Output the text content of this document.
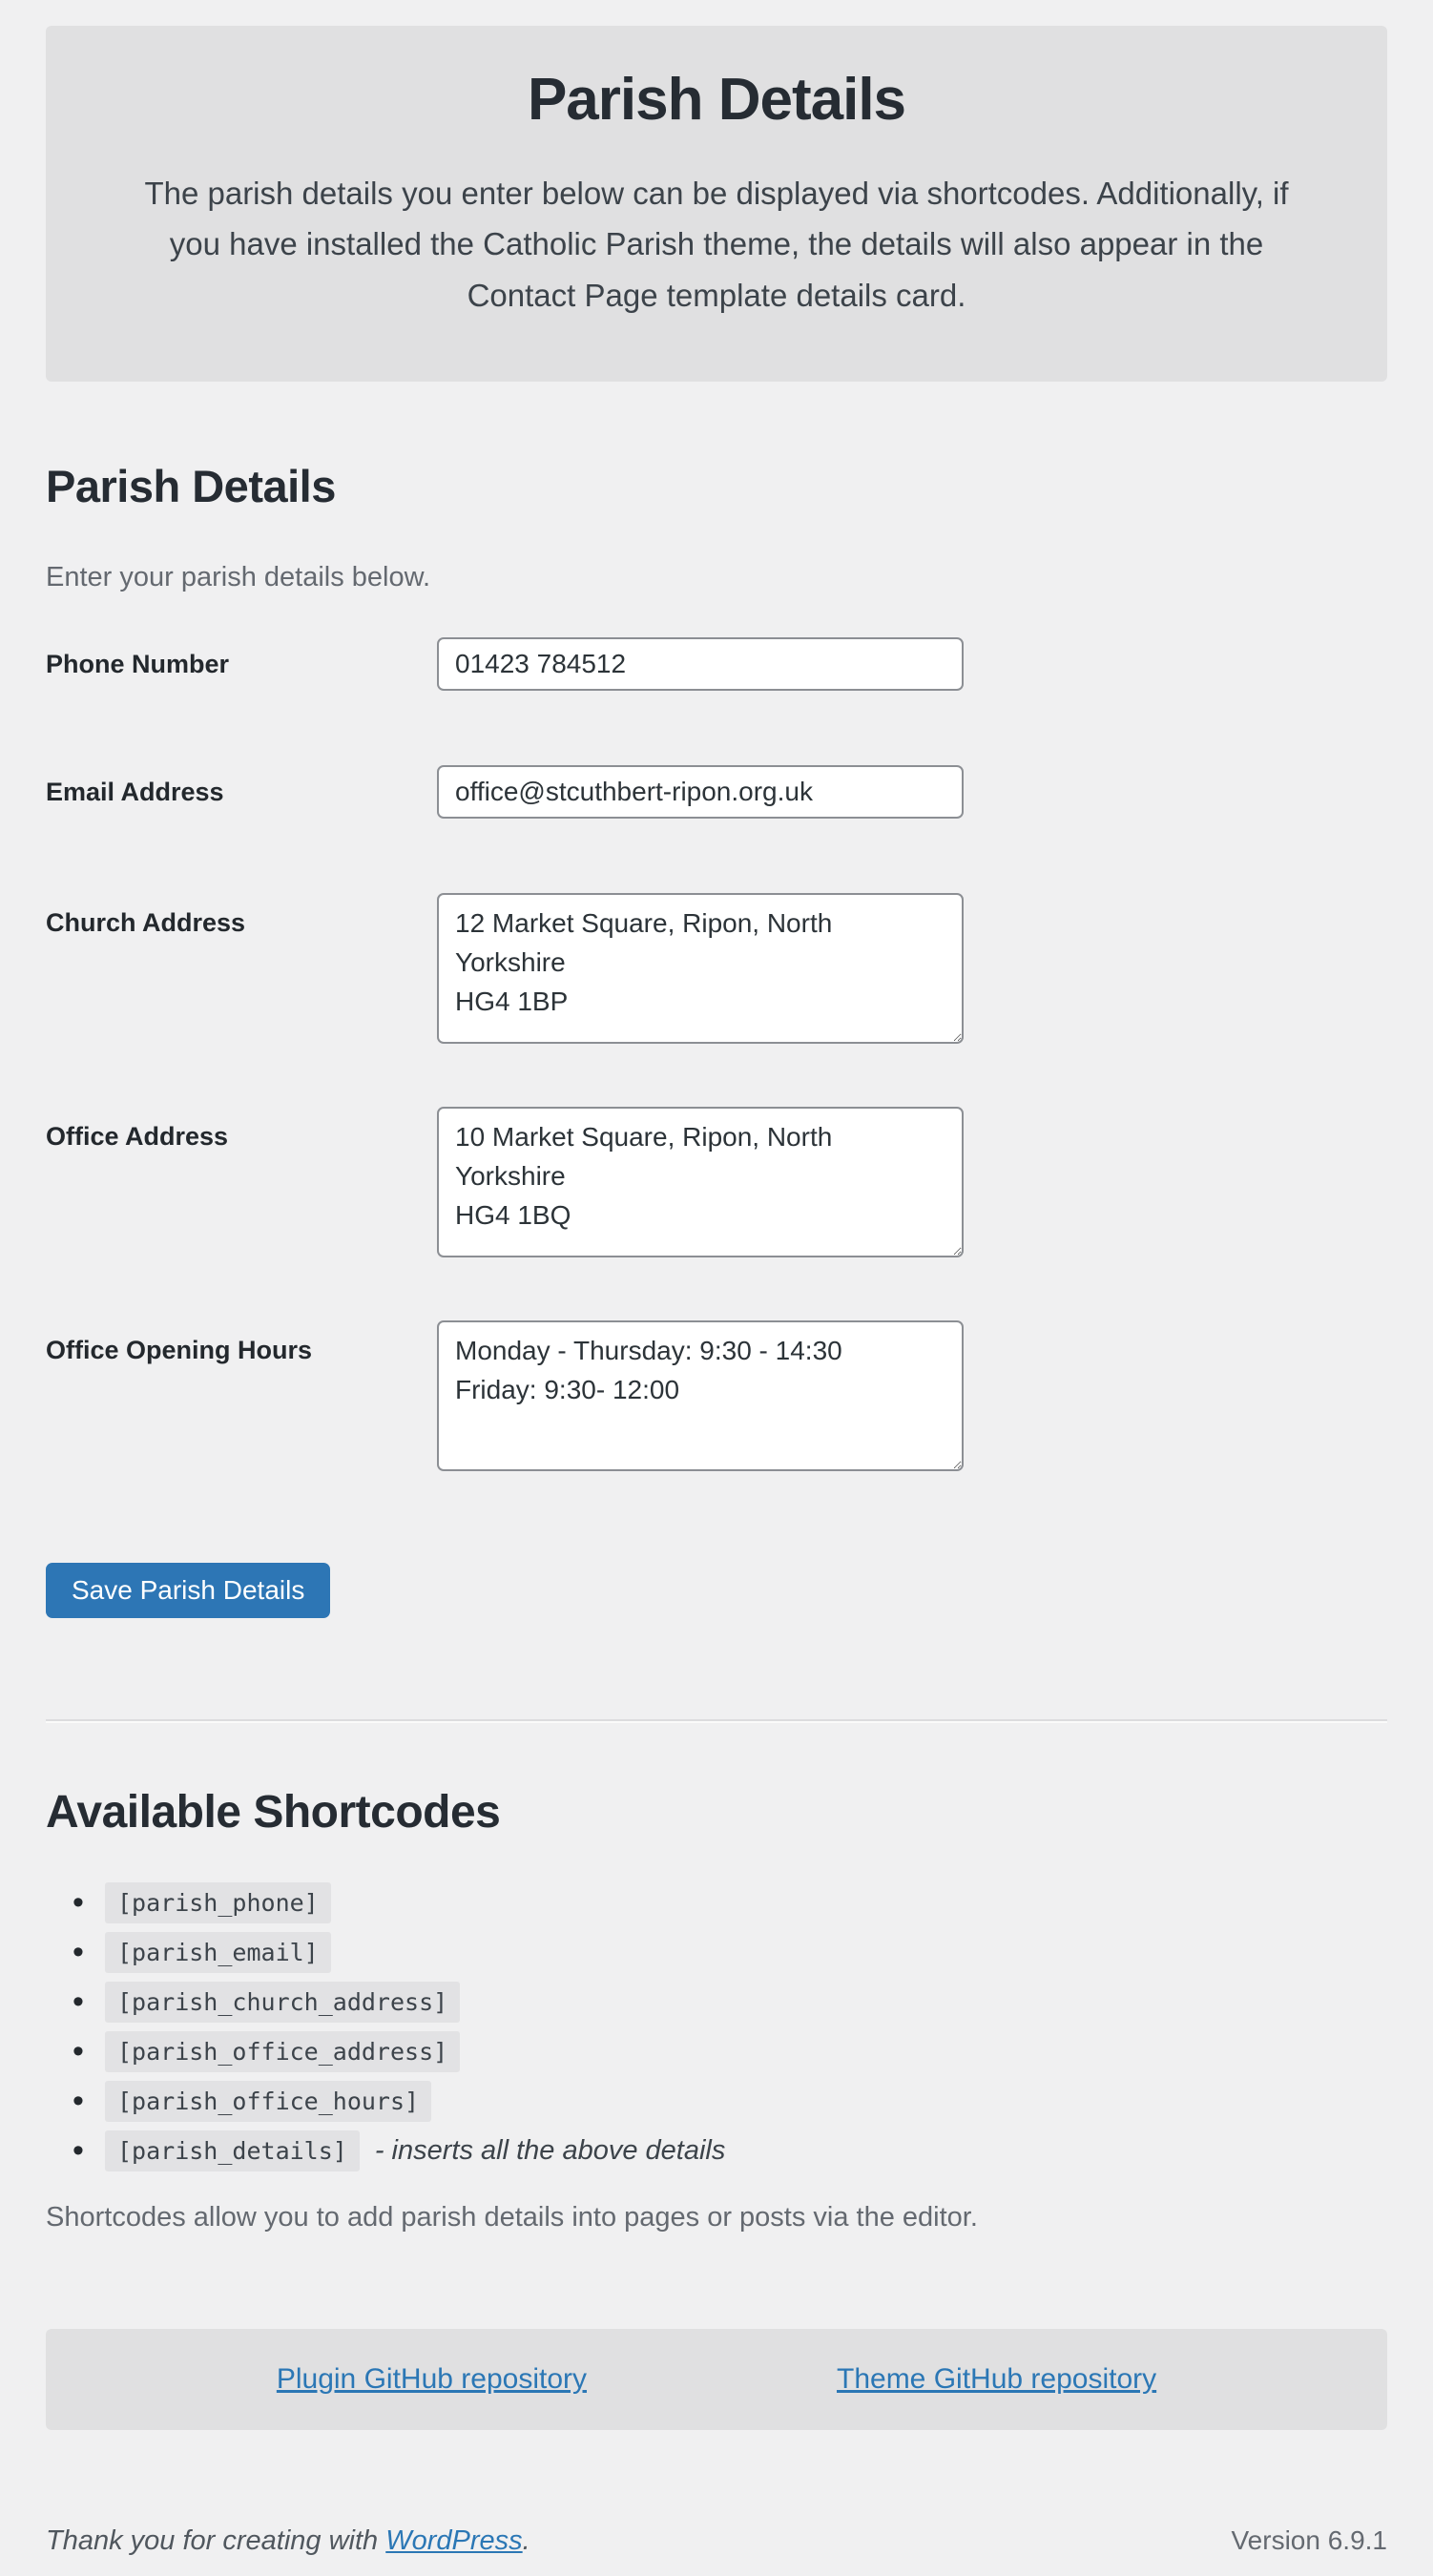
Parish Details

The parish details you enter below can be displayed via shortcodes. Additionally, if you have installed the Catholic Parish theme, the details will also appear in the Contact Page template details card.

Parish Details

Enter your parish details below.

Phone Number
01423 784512
Email Address
office@stcuthbert-ripon.org.uk
Church Address
12 Market Square, Ripon, North Yorkshire HG4 1BP
Office Address
10 Market Square, Ripon, North Yorkshire HG4 1BQ
Office Opening Hours
Monday - Thursday: 9:30 - 14:30 Friday: 9:30- 12:00
Save Parish Details
Available Shortcodes
• [parish_phone]
• [parish_email]
• [parish_church_address]
• [parish_office_address]
• [parish_office_hours]
• [parish_details]	- inserts all the above details

Shortcodes allow you to add parish details into pages or posts via the editor.

Plugin GitHub repository	Theme GitHub repository
Thank you for creating with WordPress.	Version 6.9.1
